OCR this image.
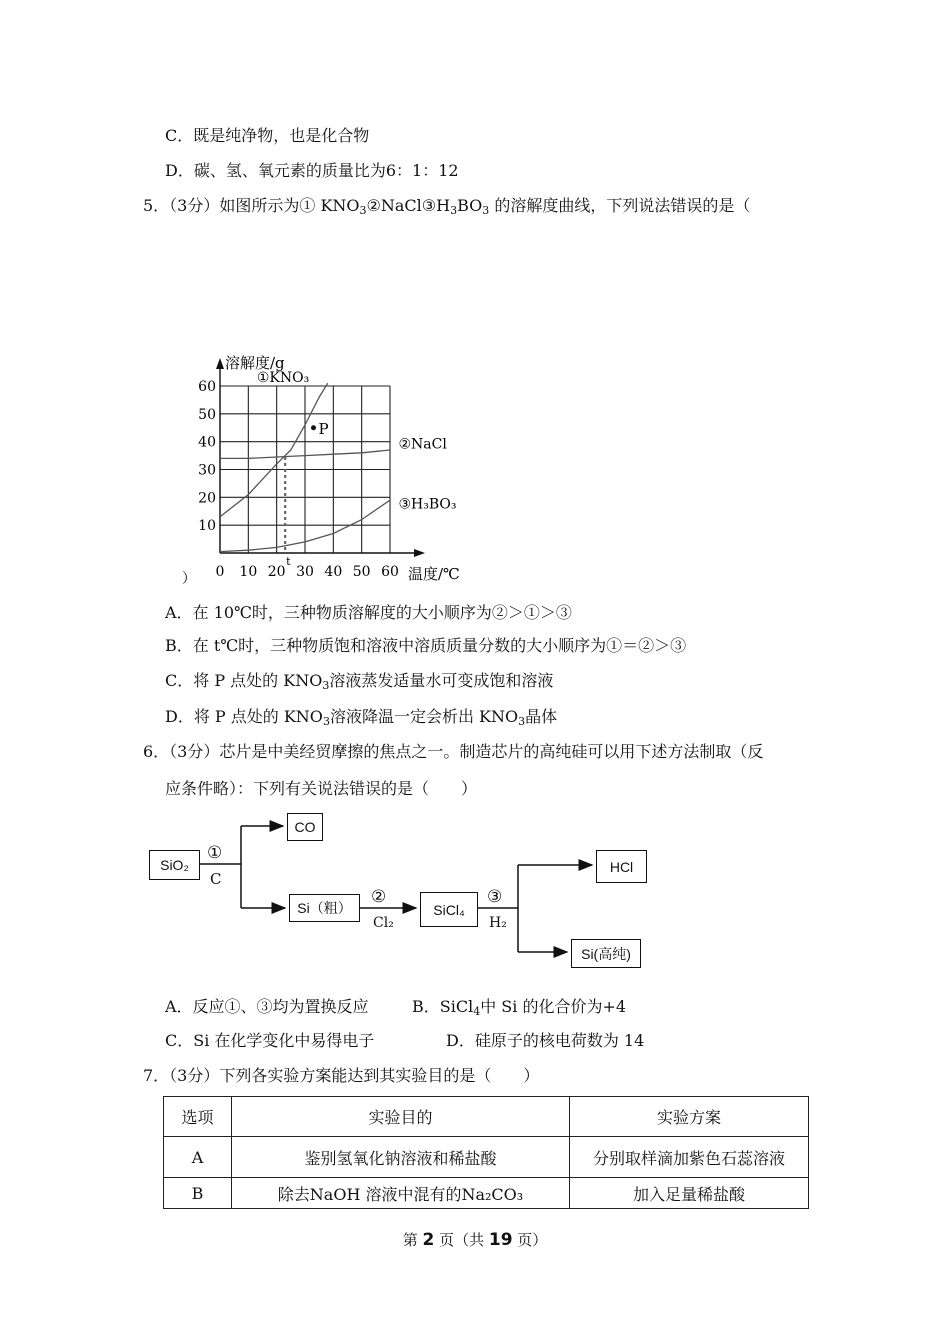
C．既是纯净物，也是化合物
D．碳、氢、氧元素的质量比为6：1：12
5．（3分）如图所示为① $KNO_3②NaCl③H_3BO_3$ 的溶解度曲线，下列说法错误的是（
0 10 20 30 40 50 60
10
20
30
40
50
60
溶解度/g
温度/℃
①KNO₃
②NaCl
③H₃BO₃
t
P
）
A．在 10℃时，三种物质溶解度的大小顺序为②＞①＞③
B．在 t℃时，三种物质饱和溶液中溶质质量分数的大小顺序为①＝②＞③
C．将 P 点处的 $KNO_3$溶液蒸发适量水可变成饱和溶液
D．将 P 点处的 $KNO_3$溶液降温一定会析出 $KNO_3$晶体
6．（3分）芯片是中美经贸摩擦的焦点之一。制造芯片的高纯硅可以用下述方法制取（反
应条件略）：下列有关说法错误的是（　　）
SiO₂
CO
Si（粗）	SiCl₄
HCl
Si(高纯)
①
C
②
Cl₂
③
H₂
A．反应①、③均为置换反应	B．SiCl$_4$中 Si 的化合价为+4
C．Si 在化学变化中易得电子	D．硅原子的核电荷数为 14
7．（3分）下列各实验方案能达到其实验目的是（　　）
选项	实验目的	实验方案
A	鉴别氢氧化钠溶液和稀盐酸	分别取样滴加紫色石蕊溶液
B	除去NaOH 溶液中混有的Na₂CO₃	加入足量稀盐酸
第 2 页（共 19 页）
